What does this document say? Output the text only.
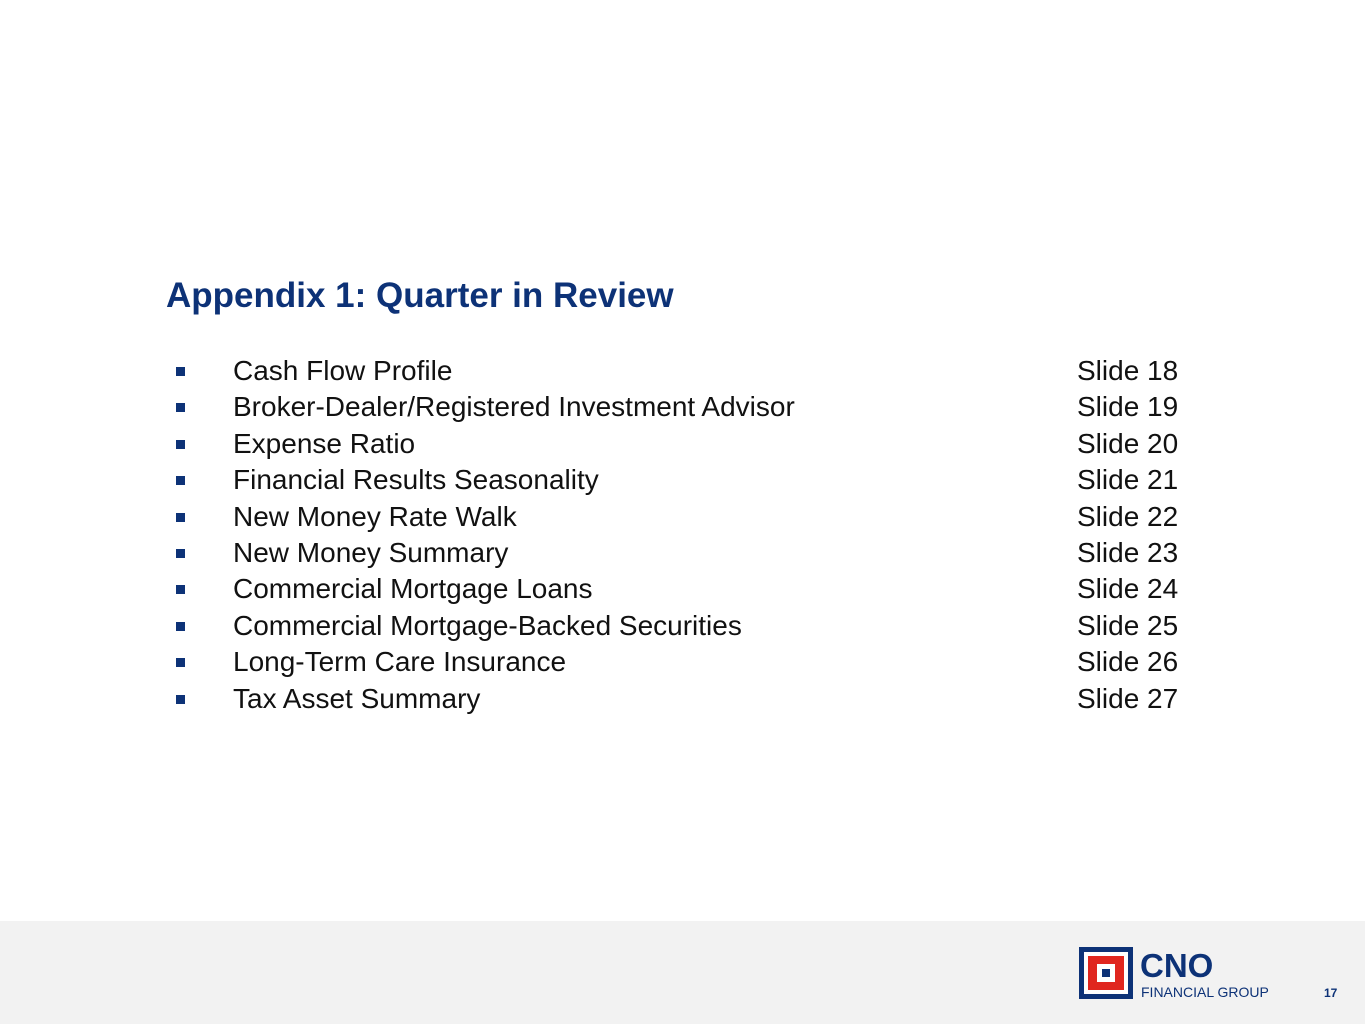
Appendix 1: Quarter in Review
Cash Flow Profile	Slide 18
Broker-Dealer/Registered Investment Advisor	Slide 19
Expense Ratio	Slide 20
Financial Results Seasonality	Slide 21
New Money Rate Walk	Slide 22
New Money Summary	Slide 23
Commercial Mortgage Loans	Slide 24
Commercial Mortgage-Backed Securities	Slide 25
Long-Term Care Insurance	Slide 26
Tax Asset Summary	Slide 27
CNO
FINANCIAL GROUP	17
